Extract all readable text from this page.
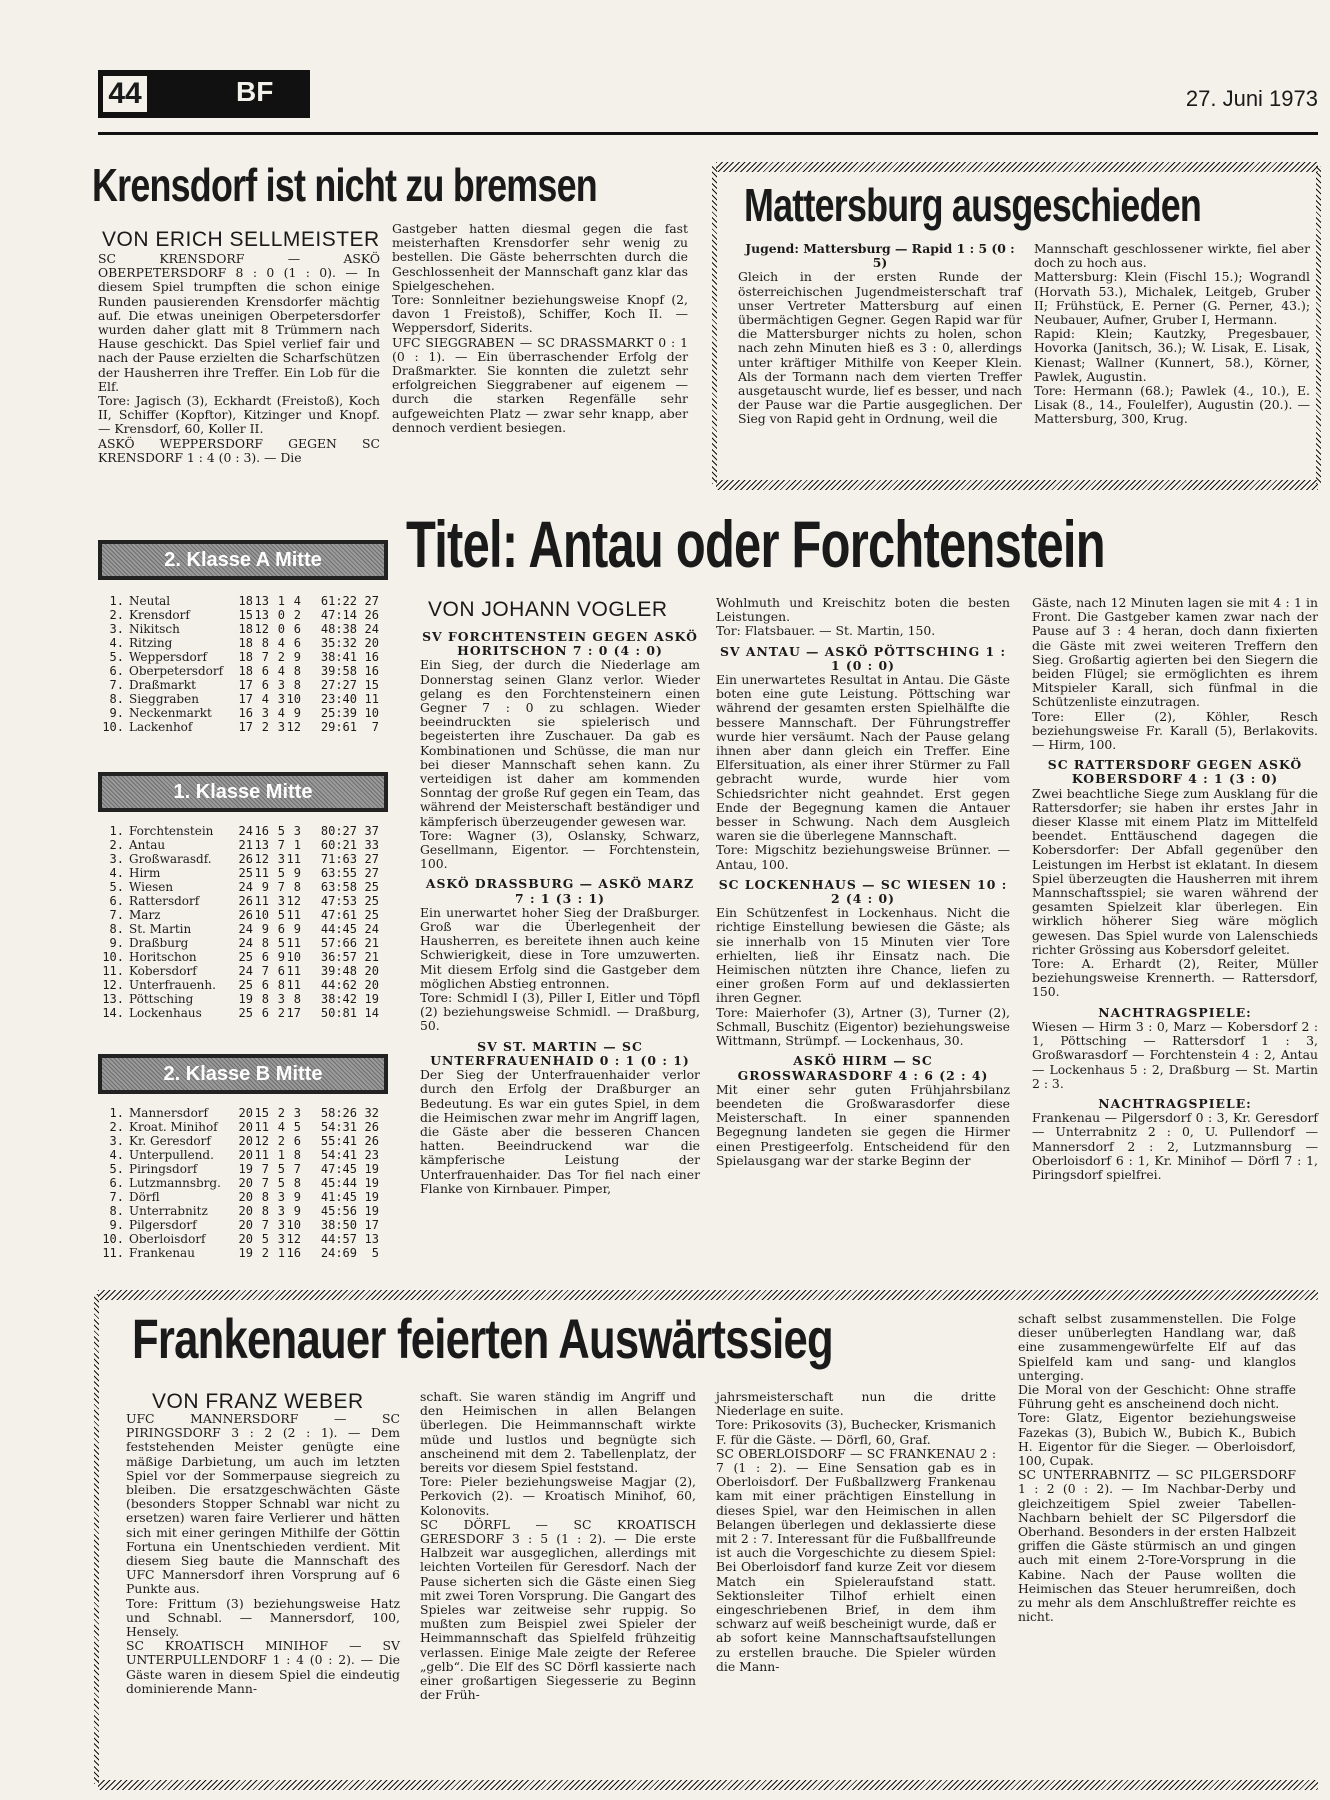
44	BF	27. Juni 1973
Krensdorf ist nicht zu bremsen
VON ERICH SELLMEISTER

SC KRENSDORF — ASKÖ OBERPETERSDORF 8 : 0 (1 : 0). — In diesem Spiel trumpften die schon einige Runden pausierenden Krensdorfer mächtig auf. Die etwas uneinigen Oberpetersdorfer wurden daher glatt mit 8 Trümmern nach Hause geschickt. Das Spiel verlief fair und nach der Pause erzielten die Scharfschützen der Hausherren ihre Treffer. Ein Lob für die Elf.

Tore: Jagisch (3), Eckhardt (Freistoß), Koch II, Schiffer (Kopftor), Kitzinger und Knopf. — Krensdorf, 60, Koller II.

ASKÖ WEPPERSDORF GEGEN SC KRENSDORF 1 : 4 (0 : 3). — Die

Gastgeber hatten diesmal gegen die fast meisterhaften Krensdorfer sehr wenig zu bestellen. Die Gäste beherrschten durch die Geschlossenheit der Mannschaft ganz klar das Spielgeschehen.

Tore: Sonnleitner beziehungsweise Knopf (2, davon 1 Freistoß), Schiffer, Koch II. — Weppersdorf, Siderits.

UFC SIEGGRABEN — SC DRASSMARKT 0 : 1 (0 : 1). — Ein überraschender Erfolg der Draßmarkter. Sie konnten die zuletzt sehr erfolgreichen Sieggrabener auf eigenem — durch die starken Regenfälle sehr aufgeweichten Platz — zwar sehr knapp, aber dennoch verdient besiegen.

Mattersburg ausgeschieden

Jugend: Mattersburg — Rapid 1 : 5 (0 : 5)

Gleich in der ersten Runde der österreichischen Jugendmeisterschaft traf unser Vertreter Mattersburg auf einen übermächtigen Gegner. Gegen Rapid war für die Mattersburger nichts zu holen, schon nach zehn Minuten hieß es 3 : 0, allerdings unter kräftiger Mithilfe von Keeper Klein. Als der Tormann nach dem vierten Treffer ausgetauscht wurde, lief es besser, und nach der Pause war die Partie ausgeglichen. Der Sieg von Rapid geht in Ordnung, weil die

Mannschaft geschlossener wirkte, fiel aber doch zu hoch aus.

Mattersburg: Klein (Fischl 15.); Wograndl (Horvath 53.), Michalek, Leitgeb, Gruber II; Frühstück, E. Perner (G. Perner, 43.); Neubauer, Aufner, Gruber I, Hermann.

Rapid: Klein; Kautzky, Pregesbauer, Hovorka (Janitsch, 36.); W. Lisak, E. Lisak, Kienast; Wallner (Kunnert, 58.), Körner, Pawlek, Augustin.

Tore: Hermann (68.); Pawlek (4., 10.), E. Lisak (8., 14., Foulelfer), Augustin (20.). — Mattersburg, 300, Krug.

2. Klasse A Mitte
1. Neutal	18 13 1 4	61:22 27
2. Krensdorf	15 13 0 2	47:14 26
3. Nikitsch	18 12 0 6	48:38 24
4. Ritzing	18 8 4 6	35:32 20
5. Weppersdorf	18 7 2 9	38:41 16
6. Oberpetersdorf	18 6 4 8	39:58 16
7. Draßmarkt	17 6 3 8	27:27 15
8. Sieggraben	17 4 3 10	23:40 11
9. Neckenmarkt	16 3 4 9	25:39 10
10. Lackenhof	17 2 3 12	29:61	7
1. Klasse Mitte
1. Forchtenstein	24 16 5 3	80:27 37
2. Antau	21 13 7 1	60:21 33
3. Großwarasdf.	26 12 3 11	71:63 27
4. Hirm	25 11 5 9	63:55 27
5. Wiesen	24 9 7 8	63:58 25
6. Rattersdorf	26 11 3 12	47:53 25
7. Marz	26 10 5 11	47:61 25
8. St. Martin	24 9 6 9	44:45 24
9. Draßburg	24 8 5 11	57:66 21
10. Horitschon	25 6 9 10	36:57 21
11. Kobersdorf	24 7 6 11	39:48 20
12. Unterfrauenh.	25 6 8 11	44:62 20
13. Pöttsching	19 8 3 8	38:42 19
14. Lockenhaus	25 6 2 17	50:81 14
2. Klasse B Mitte
1. Mannersdorf	20 15 2 3	58:26 32
2. Kroat. Minihof	20 11 4 5	54:31 26
3. Kr. Geresdorf	20 12 2 6	55:41 26
4. Unterpullend.	20 11 1 8	54:41 23
5. Piringsdorf	19 7 5 7	47:45 19
6. Lutzmannsbrg.	20 7 5 8	45:44 19
7. Dörfl	20 8 3 9	41:45 19
8. Unterrabnitz	20 8 3 9	45:56 19
9. Pilgersdorf	20 7 3 10	38:50 17
10. Oberloisdorf	20 5 3 12	44:57 13
11. Frankenau	19 2 1 16	24:69	5
Titel: Antau oder Forchtenstein
VON JOHANN VOGLER
SV FORCHTENSTEIN GEGEN ASKÖ HORITSCHON 7 : 0 (4 : 0)

Ein Sieg, der durch die Niederlage am Donnerstag seinen Glanz verlor. Wieder gelang es den Forchtensteinern einen Gegner 7 : 0 zu schlagen. Wieder beeindruckten sie spielerisch und begeisterten ihre Zuschauer. Da gab es Kombinationen und Schüsse, die man nur bei dieser Mannschaft sehen kann. Zu verteidigen ist daher am kommenden Sonntag der große Ruf gegen ein Team, das während der Meisterschaft beständiger und kämpferisch überzeugender gewesen war.

Tore: Wagner (3), Oslansky, Schwarz, Gesellmann, Eigentor. — Forchtenstein, 100.

ASKÖ DRASSBURG — ASKÖ MARZ 7 : 1 (3 : 1)

Ein unerwartet hoher Sieg der Draßburger. Groß war die Überlegenheit der Hausherren, es bereitete ihnen auch keine Schwierigkeit, diese in Tore umzuwerten. Mit diesem Erfolg sind die Gastgeber dem möglichen Abstieg entronnen.

Tore: Schmidl I (3), Piller I, Eitler und Töpfl (2) beziehungsweise Schmidl. — Draßburg, 50.

SV ST. MARTIN — SC UNTERFRAUENHAID 0 : 1 (0 : 1)

Der Sieg der Unterfrauenhaider verlor durch den Erfolg der Draßburger an Bedeutung. Es war ein gutes Spiel, in dem die Heimischen zwar mehr im Angriff lagen, die Gäste aber die besseren Chancen hatten. Beeindruckend war die kämpferische Leistung der Unterfrauenhaider. Das Tor fiel nach einer Flanke von Kirnbauer. Pimper,

Wohlmuth und Kreischitz boten die besten Leistungen.

Tor: Flatsbauer. — St. Martin, 150.

SV ANTAU — ASKÖ PÖTTSCHING 1 : 1 (0 : 0)

Ein unerwartetes Resultat in Antau. Die Gäste boten eine gute Leistung. Pöttsching war während der gesamten ersten Spielhälfte die bessere Mannschaft. Der Führungstreffer wurde hier versäumt. Nach der Pause gelang ihnen aber dann gleich ein Treffer. Eine Elfersituation, als einer ihrer Stürmer zu Fall gebracht wurde, wurde hier vom Schiedsrichter nicht geahndet. Erst gegen Ende der Begegnung kamen die Antauer besser in Schwung. Nach dem Ausgleich waren sie die überlegene Mannschaft.

Tore: Migschitz beziehungsweise Brünner. — Antau, 100.

SC LOCKENHAUS — SC WIESEN 10 : 2 (4 : 0)

Ein Schützenfest in Lockenhaus. Nicht die richtige Einstellung bewiesen die Gäste; als sie innerhalb von 15 Minuten vier Tore erhielten, ließ ihr Einsatz nach. Die Heimischen nützten ihre Chance, liefen zu einer großen Form auf und deklassierten ihren Gegner.

Tore: Maierhofer (3), Artner (3), Turner (2), Schmall, Buschitz (Eigentor) beziehungsweise Wittmann, Strümpf. — Lockenhaus, 30.

ASKÖ HIRM — SC GROSSWARASDORF 4 : 6 (2 : 4)

Mit einer sehr guten Frühjahrsbilanz beendeten die Großwarasdorfer diese Meisterschaft. In einer spannenden Begegnung landeten sie gegen die Hirmer einen Prestigeerfolg. Entscheidend für den Spielausgang war der starke Beginn der

Gäste, nach 12 Minuten lagen sie mit 4 : 1 in Front. Die Gastgeber kamen zwar nach der Pause auf 3 : 4 heran, doch dann fixierten die Gäste mit zwei weiteren Treffern den Sieg. Großartig agierten bei den Siegern die beiden Flügel; sie ermöglichten es ihrem Mitspieler Karall, sich fünfmal in die Schützenliste einzutragen.

Tore: Eller (2), Köhler, Resch beziehungsweise Fr. Karall (5), Berlakovits. — Hirm, 100.

SC RATTERSDORF GEGEN ASKÖ KOBERSDORF 4 : 1 (3 : 0)

Zwei beachtliche Siege zum Ausklang für die Rattersdorfer; sie haben ihr erstes Jahr in dieser Klasse mit einem Platz im Mittelfeld beendet. Enttäuschend dagegen die Kobersdorfer: Der Abfall gegenüber den Leistungen im Herbst ist eklatant. In diesem Spiel überzeugten die Hausherren mit ihrem Mannschaftsspiel; sie waren während der gesamten Spielzeit klar überlegen. Ein wirklich höherer Sieg wäre möglich gewesen. Das Spiel wurde von Lalenschieds richter Grössing aus Kobersdorf geleitet.

Tore: A. Erhardt (2), Reiter, Müller beziehungsweise Krennerth. — Rattersdorf, 150.

NACHTRAGSPIELE:

Wiesen — Hirm 3 : 0, Marz — Kobersdorf 2 : 1, Pöttsching — Rattersdorf 1 : 3, Großwarasdorf — Forchtenstein 4 : 2, Antau — Lockenhaus 5 : 2, Draßburg — St. Martin 2 : 3.

NACHTRAGSPIELE:

Frankenau — Pilgersdorf 0 : 3, Kr. Geresdorf — Unterrabnitz 2 : 0, U. Pullendorf — Mannersdorf 2 : 2, Lutzmannsburg — Oberloisdorf 6 : 1, Kr. Minihof — Dörfl 7 : 1, Piringsdorf spielfrei.

Frankenauer feierten Auswärtssieg
VON FRANZ WEBER

UFC MANNERSDORF — SC PIRINGSDORF 3 : 2 (2 : 1). — Dem feststehenden Meister genügte eine mäßige Darbietung, um auch im letzten Spiel vor der Sommerpause siegreich zu bleiben. Die ersatzgeschwächten Gäste (besonders Stopper Schnabl war nicht zu ersetzen) waren faire Verlierer und hätten sich mit einer geringen Mithilfe der Göttin Fortuna ein Unentschieden verdient. Mit diesem Sieg baute die Mannschaft des UFC Mannersdorf ihren Vorsprung auf 6 Punkte aus.

Tore: Frittum (3) beziehungsweise Hatz und Schnabl. — Mannersdorf, 100, Hensely.

SC KROATISCH MINIHOF — SV UNTERPULLENDORF 1 : 4 (0 : 2). — Die Gäste waren in diesem Spiel die eindeutig dominierende Mann-

schaft. Sie waren ständig im Angriff und den Heimischen in allen Belangen überlegen. Die Heimmannschaft wirkte müde und lustlos und begnügte sich anscheinend mit dem 2. Tabellenplatz, der bereits vor diesem Spiel feststand.

Tore: Pieler beziehungsweise Magjar (2), Perkovich (2). — Kroatisch Minihof, 60, Kolonovits.

SC DÖRFL — SC KROATISCH GERESDORF 3 : 5 (1 : 2). — Die erste Halbzeit war ausgeglichen, allerdings mit leichten Vorteilen für Geresdorf. Nach der Pause sicherten sich die Gäste einen Sieg mit zwei Toren Vorsprung. Die Gangart des Spieles war zeitweise sehr ruppig. So mußten zum Beispiel zwei Spieler der Heimmannschaft das Spielfeld frühzeitig verlassen. Einige Male zeigte der Referee „gelb“. Die Elf des SC Dörfl kassierte nach einer großartigen Siegesserie zu Beginn der Früh-

jahrsmeisterschaft nun die dritte Niederlage en suite.

Tore: Prikosovits (3), Buchecker, Krismanich F. für die Gäste. — Dörfl, 60, Graf.

SC OBERLOISDORF — SC FRANKENAU 2 : 7 (1 : 2). — Eine Sensation gab es in Oberloisdorf. Der Fußballzwerg Frankenau kam mit einer prächtigen Einstellung in dieses Spiel, war den Heimischen in allen Belangen überlegen und deklassierte diese mit 2 : 7. Interessant für die Fußballfreunde ist auch die Vorgeschichte zu diesem Spiel: Bei Oberloisdorf fand kurze Zeit vor diesem Match ein Spieleraufstand statt. Sektionsleiter Tilhof erhielt einen eingeschriebenen Brief, in dem ihm schwarz auf weiß bescheinigt wurde, daß er ab sofort keine Mannschaftsaufstellungen zu erstellen brauche. Die Spieler würden die Mann-

schaft selbst zusammenstellen. Die Folge dieser unüberlegten Handlang war, daß eine zusammengewürfelte Elf auf das Spielfeld kam und sang- und klanglos unterging.

Die Moral von der Geschicht: Ohne straffe Führung geht es anscheinend doch nicht.

Tore: Glatz, Eigentor beziehungsweise Fazekas (3), Bubich W., Bubich K., Bubich H. Eigentor für die Sieger. — Oberloisdorf, 100, Cupak.

SC UNTERRABNITZ — SC PILGERSDORF 1 : 2 (0 : 2). — Im Nachbar-Derby und gleichzeitigem Spiel zweier Tabellen-Nachbarn behielt der SC Pilgersdorf die Oberhand. Besonders in der ersten Halbzeit griffen die Gäste stürmisch an und gingen auch mit einem 2-Tore-Vorsprung in die Kabine. Nach der Pause wollten die Heimischen das Steuer herumreißen, doch zu mehr als dem Anschlußtreffer reichte es nicht.
